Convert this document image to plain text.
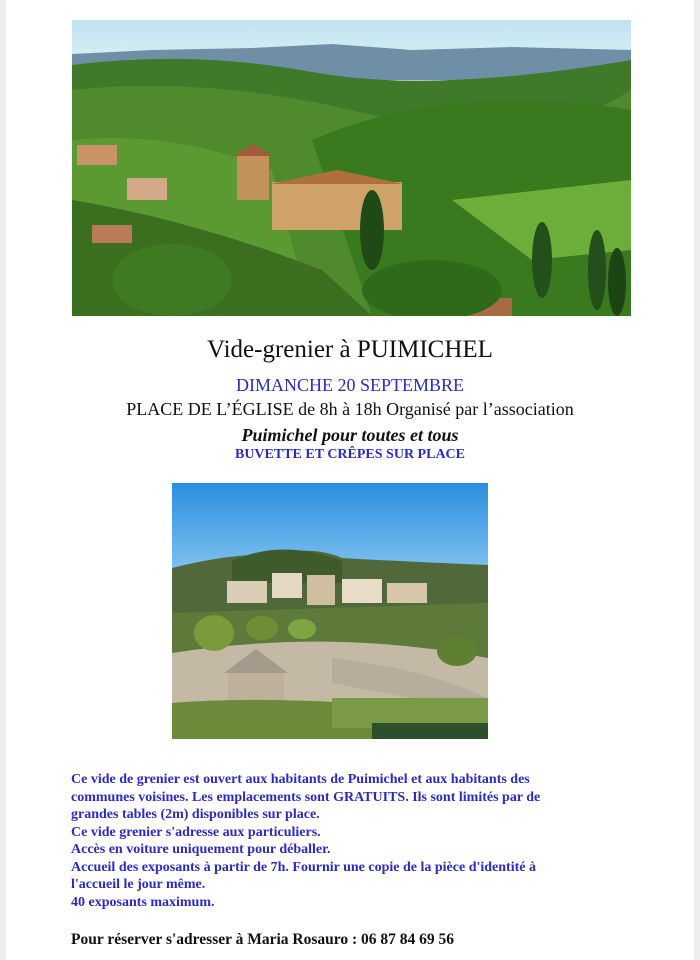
Vide-grenier à PUIMICHEL
DIMANCHE 20 SEPTEMBRE
PLACE DE L’ÉGLISE de 8h à 18h Organisé par l’association
Puimichel pour toutes et tous
BUVETTE ET CRÊPES SUR PLACE
Ce vide de grenier est ouvert aux habitants de Puimichel et aux habitants des
communes voisines. Les emplacements sont GRATUITS. Ils sont limités par de
grandes tables (2m) disponibles sur place.
Ce vide grenier s'adresse aux particuliers.
Accès en voiture uniquement pour déballer.
Accueil des exposants à partir de 7h. Fournir une copie de la pièce d'identité à
l'accueil le jour même.
40 exposants maximum.
Pour réserver s'adresser à Maria Rosauro : 06 87 84 69 56
